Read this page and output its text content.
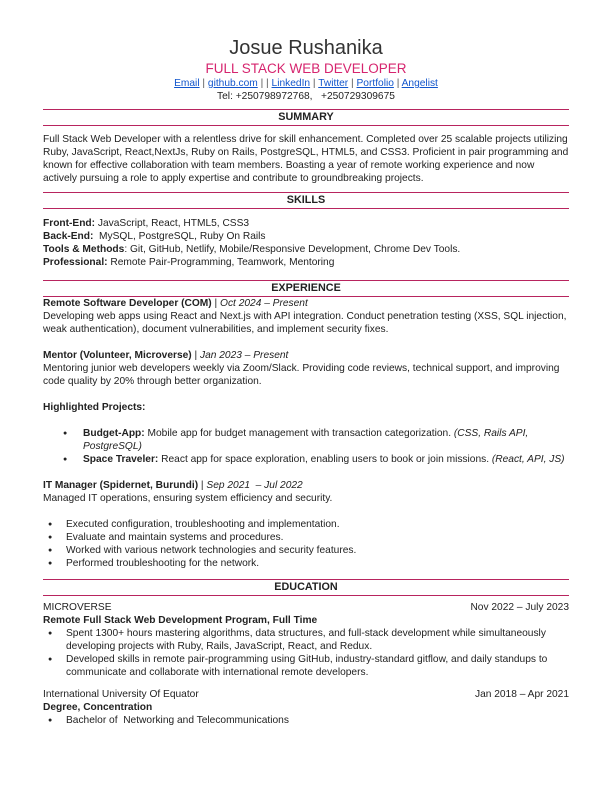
Josue Rushanika
FULL STACK WEB DEVELOPER
Email | github.com | | LinkedIn | Twitter | Portfolio | Angelist
Tel: +250798972768,   +250729309675
SUMMARY

Full Stack Web Developer with a relentless drive for skill enhancement. Completed over 25 scalable projects utilizing Ruby, JavaScript, React,NextJs, Ruby on Rails, PostgreSQL, HTML5, and CSS3. Proficient in pair programming and known for effective collaboration with team members. Boasting a year of remote working experience and now actively pursuing a role to apply expertise and contribute to groundbreaking projects.

SKILLS

Front-End: JavaScript, React, HTML5, CSS3

Back-End:  MySQL, PostgreSQL, Ruby On Rails

Tools & Methods: Git, GitHub, Netlify, Mobile/Responsive Development, Chrome Dev Tools.

Professional: Remote Pair-Programming, Teamwork, Mentoring

EXPERIENCE

Remote Software Developer (COM) | Oct 2024 – Present

Developing web apps using React and Next.js with API integration. Conduct penetration testing (XSS, SQL injection, weak authentication), document vulnerabilities, and implement security fixes.

Mentor (Volunteer, Microverse) | Jan 2023 – Present

Mentoring junior web developers weekly via Zoom/Slack. Providing code reviews, technical support, and improving code quality by 20% through better organization.

Highlighted Projects:

● Budget-App: Mobile app for budget management with transaction categorization. (CSS, Rails API, PostgreSQL)
● Space Traveler: React app for space exploration, enabling users to book or join missions. (React, API, JS)

IT Manager (Spidernet, Burundi) | Sep 2021  – Jul 2022

Managed IT operations, ensuring system efficiency and security.

● Executed configuration, troubleshooting and implementation.
● Evaluate and maintain systems and procedures.
● Worked with various network technologies and security features.
● Performed troubleshooting for the network.
EDUCATION
MICROVERSE	Nov 2022 – July 2023

Remote Full Stack Web Development Program, Full Time

● Spent 1300+ hours mastering algorithms, data structures, and full-stack development while simultaneously developing projects with Ruby, Rails, JavaScript, React, and Redux.
● Developed skills in remote pair-programming using GitHub, industry-standard gitflow, and daily standups to communicate and collaborate with international remote developers.
International University Of Equator	Jan 2018 – Apr 2021

Degree, Concentration

● Bachelor of  Networking and Telecommunications
